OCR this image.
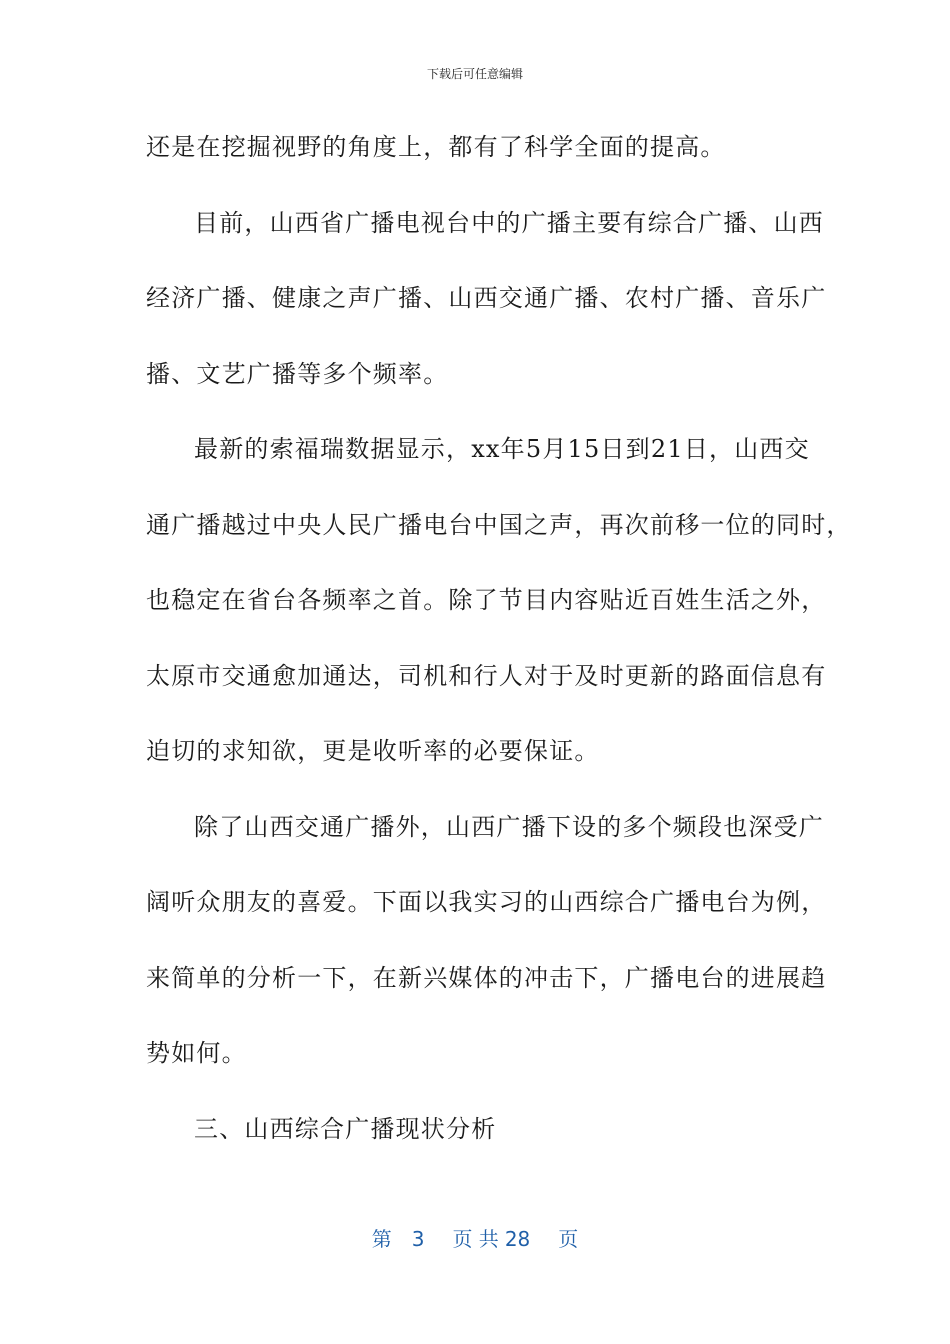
下载后可任意编辑
还是在挖掘视野的角度上，都有了科学全面的提高。
目前，山西省广播电视台中的广播主要有综合广播、山西
经济广播、健康之声广播、山西交通广播、农村广播、音乐广
播、文艺广播等多个频率。
最新的索福瑞数据显示，xx年5月15日到21日，山西交
通广播越过中央人民广播电台中国之声，再次前移一位的同时，
也稳定在省台各频率之首。除了节目内容贴近百姓生活之外，
太原市交通愈加通达，司机和行人对于及时更新的路面信息有
迫切的求知欲，更是收听率的必要保证。
除了山西交通广播外，山西广播下设的多个频段也深受广
阔听众朋友的喜爱。下面以我实习的山西综合广播电台为例，
来简单的分析一下，在新兴媒体的冲击下，广播电台的进展趋
势如何。
三、山西综合广播现状分析
第 3 页 共 28 页
